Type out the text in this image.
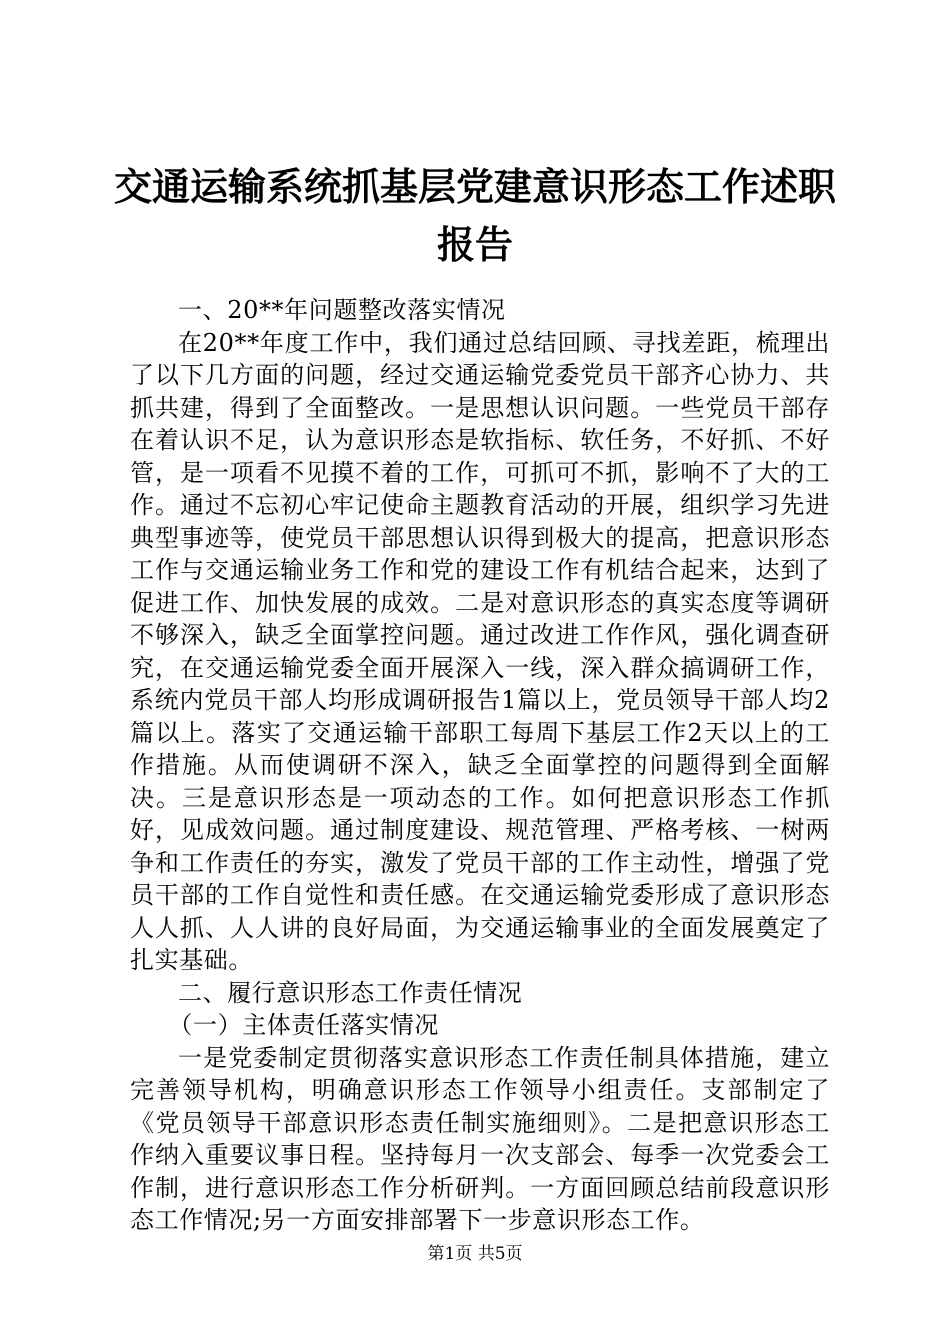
交通运输系统抓基层党建意识形态工作述职报告

一、20**年问题整改落实情况

在20**年度工作中，我们通过总结回顾、寻找差距，梳理出了以下几方面的问题，经过交通运输党委党员干部齐心协力、共抓共建，得到了全面整改。一是思想认识问题。一些党员干部存在着认识不足，认为意识形态是软指标、软任务，不好抓、不好管，是一项看不见摸不着的工作，可抓可不抓，影响不了大的工作。通过不忘初心牢记使命主题教育活动的开展，组织学习先进典型事迹等，使党员干部思想认识得到极大的提高，把意识形态工作与交通运输业务工作和党的建设工作有机结合起来，达到了促进工作、加快发展的成效。二是对意识形态的真实态度等调研不够深入，缺乏全面掌控问题。通过改进工作作风，强化调查研究，在交通运输党委全面开展深入一线，深入群众搞调研工作，系统内党员干部人均形成调研报告1篇以上，党员领导干部人均2篇以上。落实了交通运输干部职工每周下基层工作2天以上的工作措施。从而使调研不深入，缺乏全面掌控的问题得到全面解决。三是意识形态是一项动态的工作。如何把意识形态工作抓好，见成效问题。通过制度建设、规范管理、严格考核、一树两争和工作责任的夯实，激发了党员干部的工作主动性，增强了党员干部的工作自觉性和责任感。在交通运输党委形成了意识形态人人抓、人人讲的良好局面，为交通运输事业的全面发展奠定了扎实基础。

二、履行意识形态工作责任情况

（一）主体责任落实情况

一是党委制定贯彻落实意识形态工作责任制具体措施，建立完善领导机构，明确意识形态工作领导小组责任。支部制定了《党员领导干部意识形态责任制实施细则》。二是把意识形态工作纳入重要议事日程。坚持每月一次支部会、每季一次党委会工作制，进行意识形态工作分析研判。一方面回顾总结前段意识形态工作情况;另一方面安排部署下一步意识形态工作。

第1页 共5页
